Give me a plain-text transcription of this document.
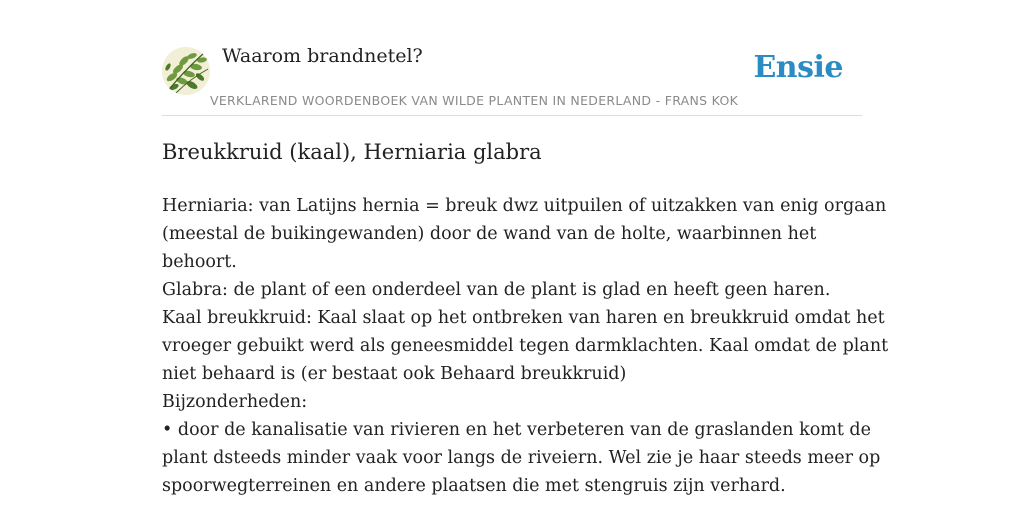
Waarom brandnetel?	Ensie
VERKLAREND WOORDENBOEK VAN WILDE PLANTEN IN NEDERLAND - FRANS KOK
Breukkruid (kaal), Herniaria glabra

Herniaria: van Latijns hernia = breuk dwz uitpuilen of uitzakken van enig orgaan

(meestal de buikingewanden) door de wand van de holte, waarbinnen het

behoort.

Glabra: de plant of een onderdeel van de plant is glad en heeft geen haren.

Kaal breukkruid: Kaal slaat op het ontbreken van haren en breukkruid omdat het

vroeger gebuikt werd als geneesmiddel tegen darmklachten. Kaal omdat de plant

niet behaard is (er bestaat ook Behaard breukkruid)

Bijzonderheden:

• door de kanalisatie van rivieren en het verbeteren van de graslanden komt de

plant dsteeds minder vaak voor langs de riveiern. Wel zie je haar steeds meer op

spoorwegterreinen en andere plaatsen die met stengruis zijn verhard.
